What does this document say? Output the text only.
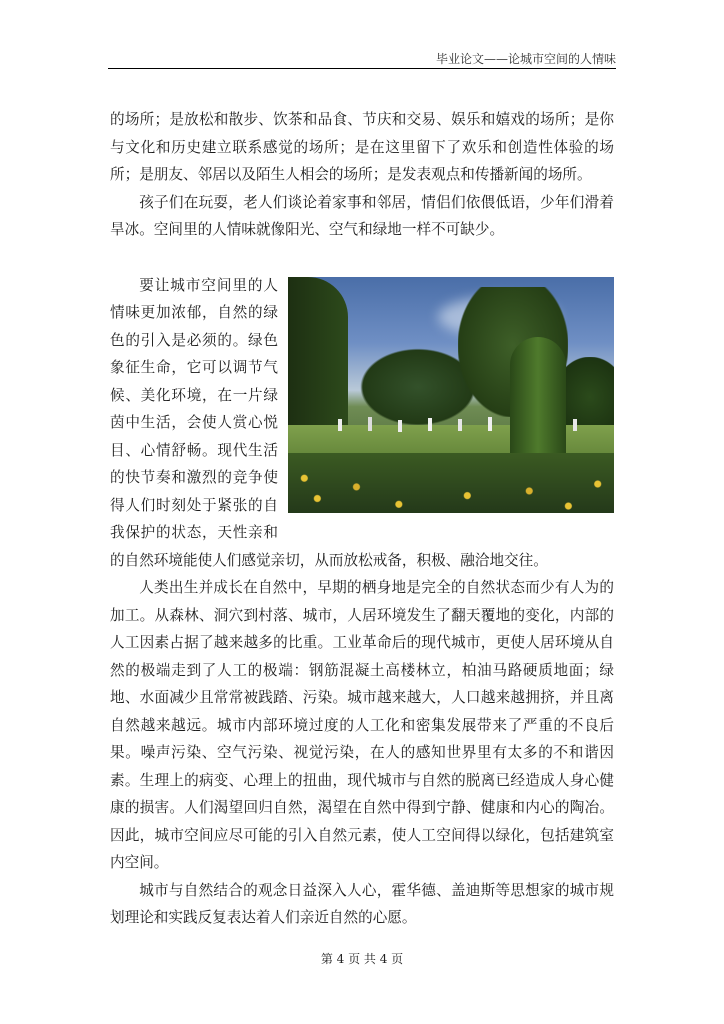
毕业论文——论城市空间的人情味

的场所；是放松和散步、饮茶和品食、节庆和交易、娱乐和嬉戏的场所；是你与文化和历史建立联系感觉的场所；是在这里留下了欢乐和创造性体验的场所；是朋友、邻居以及陌生人相会的场所；是发表观点和传播新闻的场所。

孩子们在玩耍，老人们谈论着家事和邻居，情侣们依偎低语，少年们滑着旱冰。空间里的人情味就像阳光、空气和绿地一样不可缺少。

要让城市空间里的人情味更加浓郁，自然的绿色的引入是必须的。绿色象征生命，它可以调节气候、美化环境，在一片绿茵中生活，会使人赏心悦目、心情舒畅。现代生活的快节奏和激烈的竞争使得人们时刻处于紧张的自我保护的状态，天性亲和的自然环境能使人们感觉亲切，从而放松戒备，积极、融洽地交往。

人类出生并成长在自然中，早期的栖身地是完全的自然状态而少有人为的加工。从森林、洞穴到村落、城市，人居环境发生了翻天覆地的变化，内部的人工因素占据了越来越多的比重。工业革命后的现代城市，更使人居环境从自然的极端走到了人工的极端：钢筋混凝土高楼林立，柏油马路硬质地面；绿地、水面减少且常常被践踏、污染。城市越来越大，人口越来越拥挤，并且离自然越来越远。城市内部环境过度的人工化和密集发展带来了严重的不良后果。噪声污染、空气污染、视觉污染，在人的感知世界里有太多的不和谐因素。生理上的病变、心理上的扭曲，现代城市与自然的脱离已经造成人身心健康的损害。人们渴望回归自然，渴望在自然中得到宁静、健康和内心的陶冶。因此，城市空间应尽可能的引入自然元素，使人工空间得以绿化，包括建筑室内空间。

城市与自然结合的观念日益深入人心，霍华德、盖迪斯等思想家的城市规划理论和实践反复表达着人们亲近自然的心愿。

第 4 页 共 4 页
